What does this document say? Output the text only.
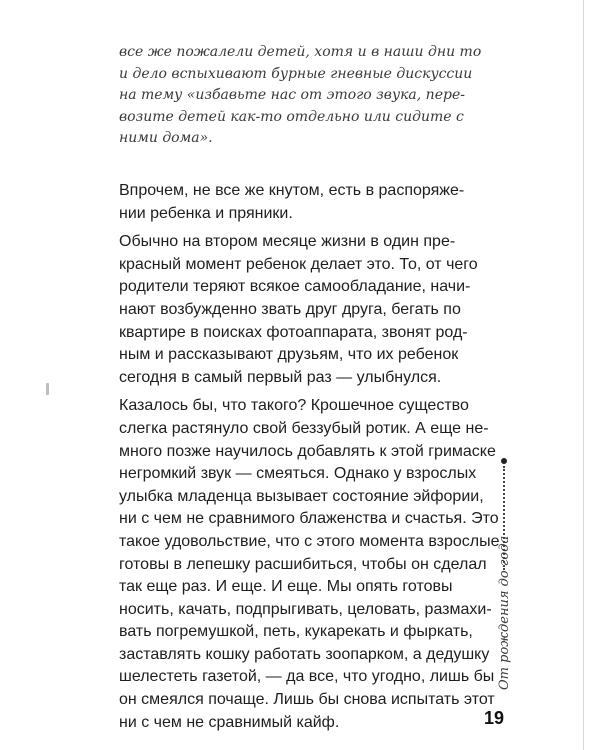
все же пожалели детей, хотя и в наши дни то
и дело вспыхивают бурные гневные дискуссии
на тему «избавьте нас от этого звука, пере-
возите детей как-то отдельно или сидите с
ними дома».

Впрочем, не все же кнутом, есть в распоряже-
нии ребенка и пряники.

Обычно на втором месяце жизни в один пре-
красный момент ребенок делает это. То, от чего
родители теряют всякое самообладание, начи-
нают возбужденно звать друг друга, бегать по
квартире в поисках фотоаппарата, звонят род-
ным и рассказывают друзьям, что их ребенок
сегодня в самый первый раз — улыбнулся.

Казалось бы, что такого? Крошечное существо
слегка растянуло свой беззубый ротик. А еще не-
много позже научилось добавлять к этой гримаске
негромкий звук — смеяться. Однако у взрослых
улыбка младенца вызывает состояние эйфории,
ни с чем не сравнимого блаженства и счастья. Это
такое удовольствие, что с этого момента взрослые
готовы в лепешку расшибиться, чтобы он сделал
так еще раз. И еще. И еще. Мы опять готовы
носить, качать, подпрыгивать, целовать, размахи-
вать погремушкой, петь, кукарекать и фыркать,
заставлять кошку работать зоопарком, а дедушку
шелестеть газетой, — да все, что угодно, лишь бы
он смеялся почаще. Лишь бы снова испытать этот
ни с чем не сравнимый кайф.

От рождения до года
19
